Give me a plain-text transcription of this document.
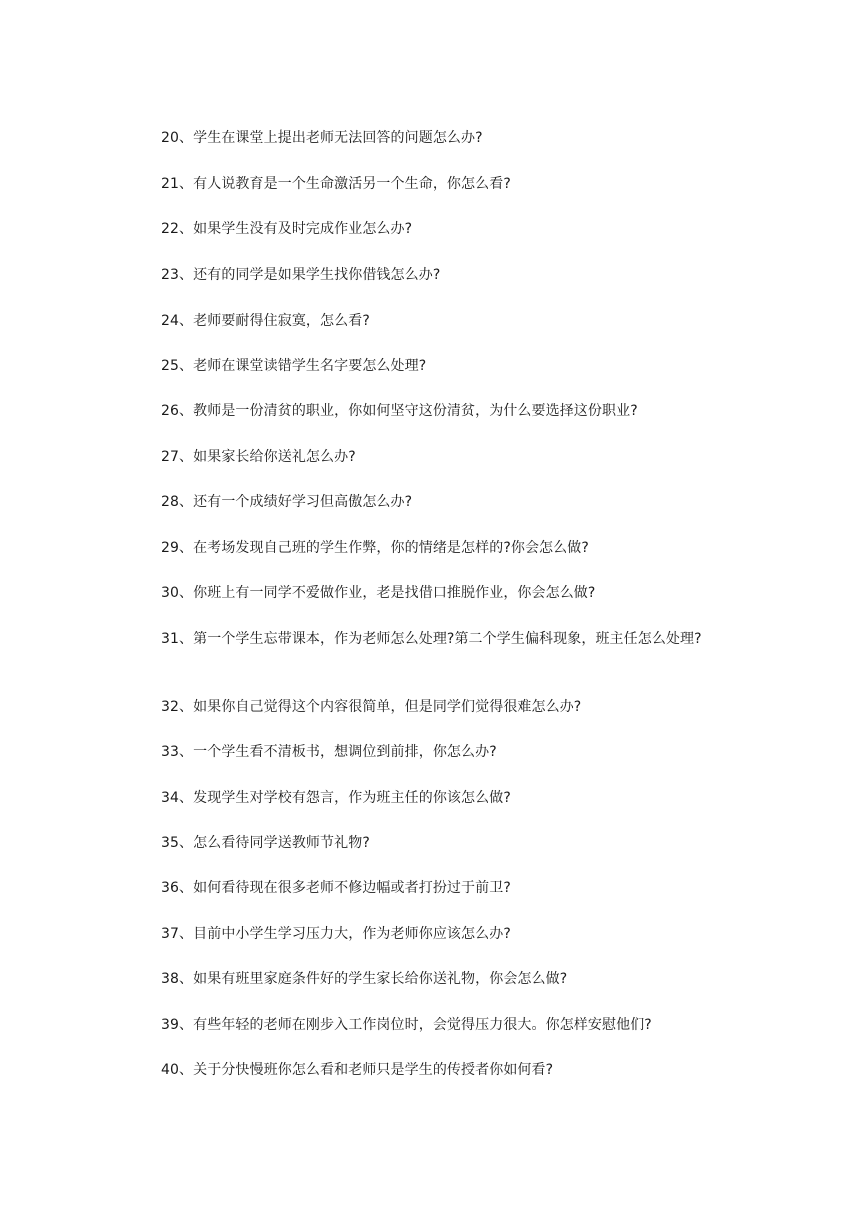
20、学生在课堂上提出老师无法回答的问题怎么办?

21、有人说教育是一个生命激活另一个生命，你怎么看?

22、如果学生没有及时完成作业怎么办?

23、还有的同学是如果学生找你借钱怎么办?

24、老师要耐得住寂寞，怎么看?

25、老师在课堂读错学生名字要怎么处理?

26、教师是一份清贫的职业，你如何坚守这份清贫，为什么要选择这份职业?

27、如果家长给你送礼怎么办?

28、还有一个成绩好学习但高傲怎么办?

29、在考场发现自己班的学生作弊，你的情绪是怎样的?你会怎么做?

30、你班上有一同学不爱做作业，老是找借口推脱作业，你会怎么做?

31、第一个学生忘带课本，作为老师怎么处理?第二个学生偏科现象，班主任怎么处理?

32、如果你自己觉得这个内容很简单，但是同学们觉得很难怎么办?

33、一个学生看不清板书，想调位到前排，你怎么办?

34、发现学生对学校有怨言，作为班主任的你该怎么做?

35、怎么看待同学送教师节礼物?

36、如何看待现在很多老师不修边幅或者打扮过于前卫?

37、目前中小学生学习压力大，作为老师你应该怎么办?

38、如果有班里家庭条件好的学生家长给你送礼物，你会怎么做?

39、有些年轻的老师在刚步入工作岗位时，会觉得压力很大。你怎样安慰他们?

40、关于分快慢班你怎么看和老师只是学生的传授者你如何看?
